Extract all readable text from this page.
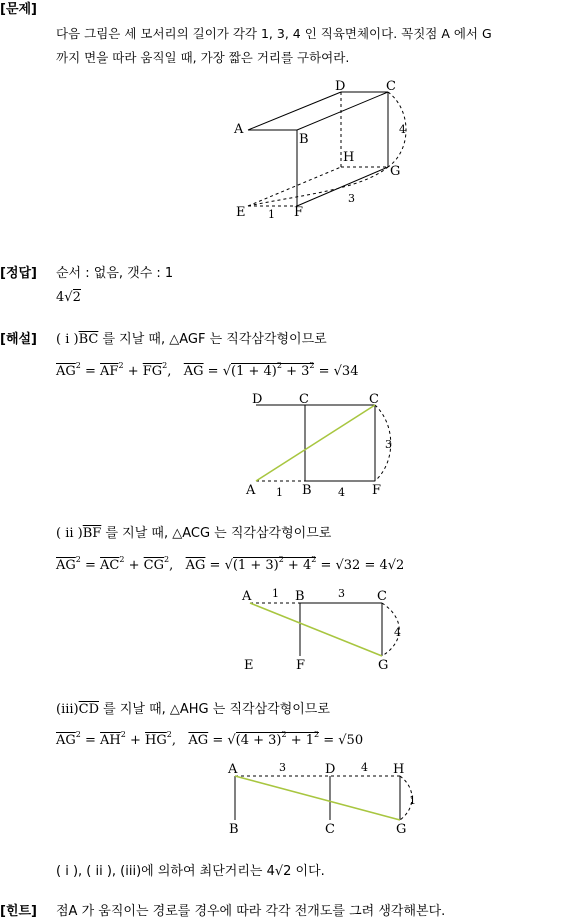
[문제]
다음 그림은 세 모서리의 길이가 각각 1, 3, 4 인 직육면체이다. 꼭짓점 A 에서 G
까지 면을 따라 움직일 때, 가장 짧은 거리를 구하여라.
A
B
D	C
H
G
E	F
1
3
4
[정답] 순서 : 없음, 갯수 : 1
4√2
[해설] ( i )$\overline{BC}$ 를 지날 때, △AGF 는 직각삼각형이므로
$\overline{AG}^2 = \overline{AF}^2 + \overline{FG}^2$,   $\overline{AG} = √(1 + 4)^2 + 3^2 = √34$
D	C	C
A	B	F
1	4
3
( ii )$\overline{BF}$ 를 지날 때, △ACG 는 직각삼각형이므로
$\overline{AG}^2 = \overline{AC}^2 + \overline{CG}^2$,   $\overline{AG} = √(1 + 3)^2 + 4^2 = √32 = 4√2$
A	B	C
E	F	G
1	3
4
$(iii)\overline{CD}$ 를 지날 때, △AHG 는 직각삼각형이므로
$\overline{AG}^2 = \overline{AH}^2 + \overline{HG}^2$,   $\overline{AG} = √(4 + 3)^2 + 1^2 = √50$
A	D	H
B	C	G
3	4
1
( i ), ( ii ), (iii)에 의하여 최단거리는 4√2 이다.
[힌트] 점A 가 움직이는 경로를 경우에 따라 각각 전개도를 그려 생각해본다.
